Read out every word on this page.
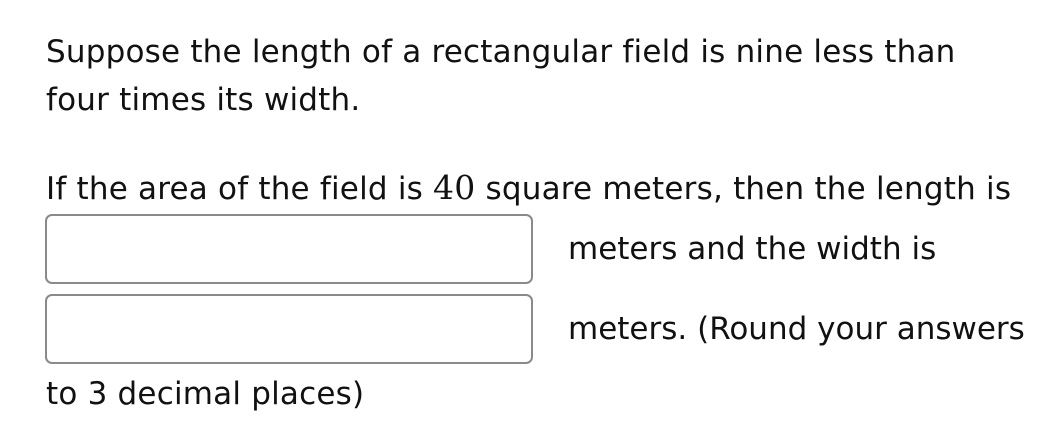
Suppose the length of a rectangular field is nine less than
four times its width.
If the area of the field is 40 square meters, then the length is
meters and the width is
meters. (Round your answers
to 3 decimal places)
